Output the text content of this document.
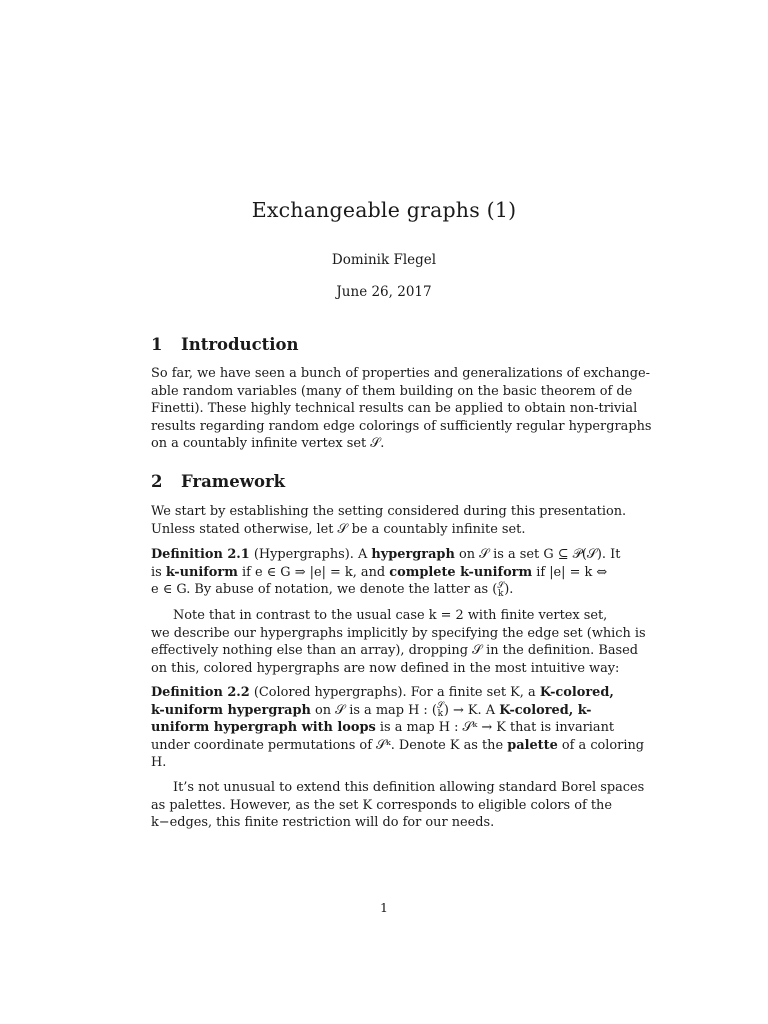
Exchangeable graphs (1)
Dominik Flegel
June 26, 2017
1 Introduction
So far, we have seen a bunch of properties and generalizations of exchange-
able random variables (many of them building on the basic theorem of de
Finetti). These highly technical results can be applied to obtain non-trivial
results regarding random edge colorings of sufficiently regular hypergraphs
on a countably infinite vertex set 𝒮.
2 Framework
We start by establishing the setting considered during this presentation.
Unless stated otherwise, let 𝒮 be a countably infinite set.
Definition 2.1 (Hypergraphs). A hypergraph on 𝒮 is a set G ⊆ 𝒫(𝒮). It
is k-uniform if e ∈ G ⇒ |e| = k, and complete k-uniform if |e| = k ⇔
e ∈ G. By abuse of notation, we denote the latter as ( 𝒮
k ).
Note that in contrast to the usual case k = 2 with finite vertex set,
we describe our hypergraphs implicitly by specifying the edge set (which is
effectively nothing else than an array), dropping 𝒮 in the definition. Based
on this, colored hypergraphs are now defined in the most intuitive way:
Definition 2.2 (Colored hypergraphs). For a finite set K, a K-colored,
k-uniform hypergraph on 𝒮 is a map H : ( 𝒮
k ) → K. A K-colored, k-
uniform hypergraph with loops is a map H : 𝒮ᵏ → K that is invariant
under coordinate permutations of 𝒮ᵏ. Denote K as the palette of a coloring
H.
It’s not unusual to extend this definition allowing standard Borel spaces
as palettes. However, as the set K corresponds to eligible colors of the
k−edges, this finite restriction will do for our needs.
1
